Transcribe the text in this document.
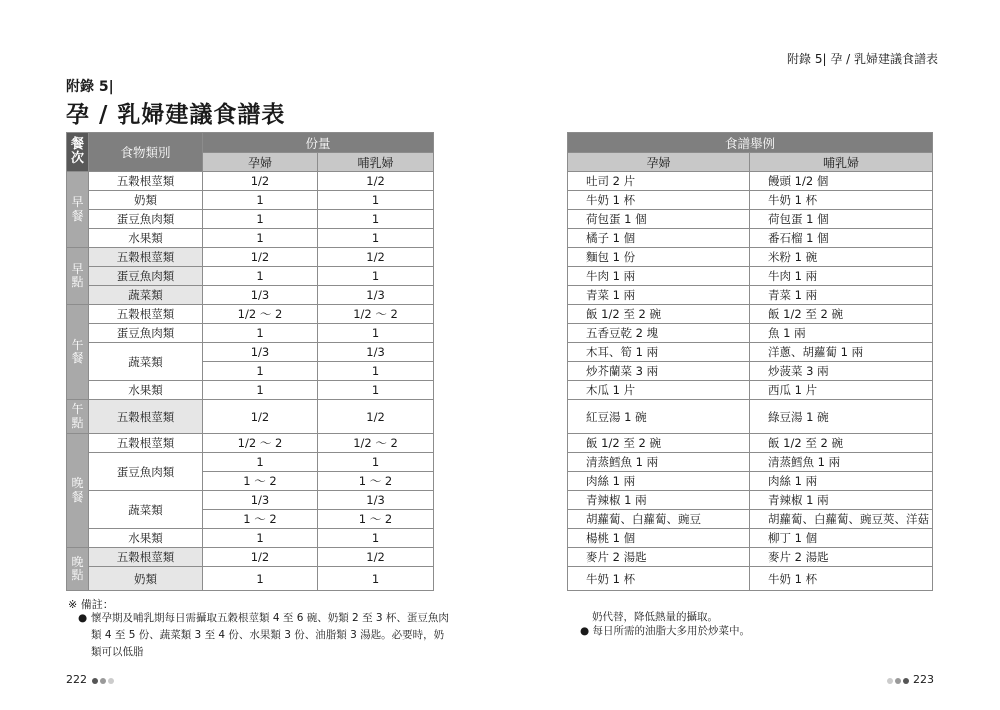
附錄 5| 孕 / 乳婦建議食譜表
附錄 5|
孕 / 乳婦建議食譜表
餐
次	食物類別	份量	
		孕婦	哺乳婦
早
餐	五穀根莖類	1/2	1/2
	奶類	1	1
	蛋豆魚肉類	1	1
	水果類	1	1
早
點	五穀根莖類	1/2	1/2
	蛋豆魚肉類	1	1
	蔬菜類	1/3	1/3
午
餐	五穀根莖類	1/2 ～ 2	1/2 ～ 2
	蛋豆魚肉類	1	1
	蔬菜類	1/3	1/3
		1	1
	水果類	1	1
午
點	五穀根莖類	1/2	1/2
晚
餐	五穀根莖類	1/2 ～ 2	1/2 ～ 2
	蛋豆魚肉類	1	1
		1 ～ 2	1 ～ 2
	蔬菜類	1/3	1/3
		1 ～ 2	1 ～ 2
	水果類	1	1
晚
點	五穀根莖類	1/2	1/2
	奶類	1	1
食譜舉例	
孕婦	哺乳婦
吐司 2 片	饅頭 1/2 個
牛奶 1 杯	牛奶 1 杯
荷包蛋 1 個	荷包蛋 1 個
橘子 1 個	番石榴 1 個
麵包 1 份	米粉 1 碗
牛肉 1 兩	牛肉 1 兩
青菜 1 兩	青菜 1 兩
飯 1/2 至 2 碗	飯 1/2 至 2 碗
五香豆乾 2 塊	魚 1 兩
木耳、筍 1 兩	洋蔥、胡蘿蔔 1 兩
炒芥蘭菜 3 兩	炒菠菜 3 兩
木瓜 1 片	西瓜 1 片
紅豆湯 1 碗	綠豆湯 1 碗
飯 1/2 至 2 碗	飯 1/2 至 2 碗
清蒸鱈魚 1 兩	清蒸鱈魚 1 兩
肉絲 1 兩	肉絲 1 兩
青辣椒 1 兩	青辣椒 1 兩
胡蘿蔔、白蘿蔔、豌豆	胡蘿蔔、白蘿蔔、豌豆莢、洋菇
楊桃 1 個	柳丁 1 個
麥片 2 湯匙	麥片 2 湯匙
牛奶 1 杯	牛奶 1 杯
※ 備註：
● 懷孕期及哺乳期每日需攝取五穀根莖類 4 至 6 碗、奶類 2 至 3 杯、蛋豆魚肉類 4 至 5 份、蔬菜類 3 至 4 份、水果類 3 份、油脂類 3 湯匙。必要時，奶類可以低脂
奶代替，降低熱量的攝取。
● 每日所需的油脂大多用於炒菜中。
222	223
